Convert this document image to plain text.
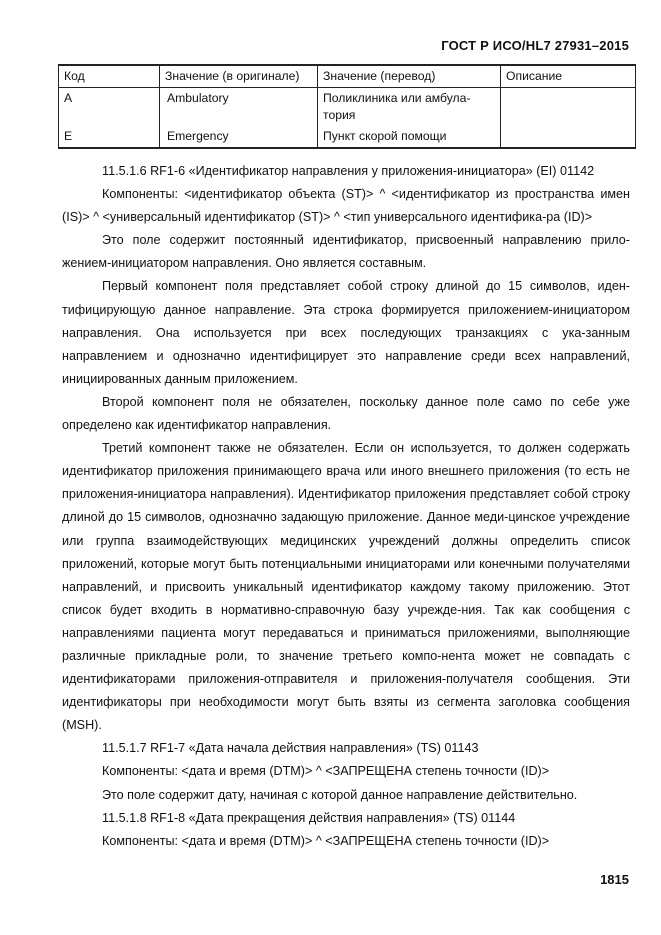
ГОСТ Р ИСО/HL7 27931–2015
Код	Значение (в оригинале)	Значение (перевод)	Описание
A	Ambulatory	Поликлиника или амбула-тория	
E	Emergency	Пункт скорой помощи	

11.5.1.6 RF1-6 «Идентификатор направления у приложения-инициатора» (EI) 01142

Компоненты: <идентификатор объекта (ST)> ^ <идентификатор из пространства имен (IS)> ^ <универсальный идентификатор (ST)> ^ <тип универсального идентифика-ра (ID)>

Это поле содержит постоянный идентификатор, присвоенный направлению прило-жением-инициатором направления. Оно является составным.

Первый компонент поля представляет собой строку длиной до 15 символов, иден-тифицирующую данное направление. Эта строка формируется приложением-инициатором направления. Она используется при всех последующих транзакциях с ука-занным направлением и однозначно идентифицирует это направление среди всех направлений, инициированных данным приложением.

Второй компонент поля не обязателен, поскольку данное поле само по себе уже определено как идентификатор направления.

Третий компонент также не обязателен. Если он используется, то должен содержать идентификатор приложения принимающего врача или иного внешнего приложения (то есть не приложения-инициатора направления). Идентификатор приложения представляет собой строку длиной до 15 символов, однозначно задающую приложение. Данное меди-цинское учреждение или группа взаимодействующих медицинских учреждений должны определить список приложений, которые могут быть потенциальными инициаторами или конечными получателями направлений, и присвоить уникальный идентификатор каждому такому приложению. Этот список будет входить в нормативно-справочную базу учрежде-ния. Так как сообщения с направлениями пациента могут передаваться и приниматься приложениями, выполняющие различные прикладные роли, то значение третьего компо-нента может не совпадать с идентификаторами приложения-отправителя и приложения-получателя сообщения. Эти идентификаторы при необходимости могут быть взяты из сегмента заголовка сообщения (MSH).

11.5.1.7 RF1-7 «Дата начала действия направления» (TS) 01143

Компоненты: <дата и время (DTM)> ^ <ЗАПРЕЩЕНА степень точности (ID)>

Это поле содержит дату, начиная с которой данное направление действительно.

11.5.1.8 RF1-8 «Дата прекращения действия направления» (TS) 01144

Компоненты: <дата и время (DTM)> ^ <ЗАПРЕЩЕНА степень точности (ID)>

1815
